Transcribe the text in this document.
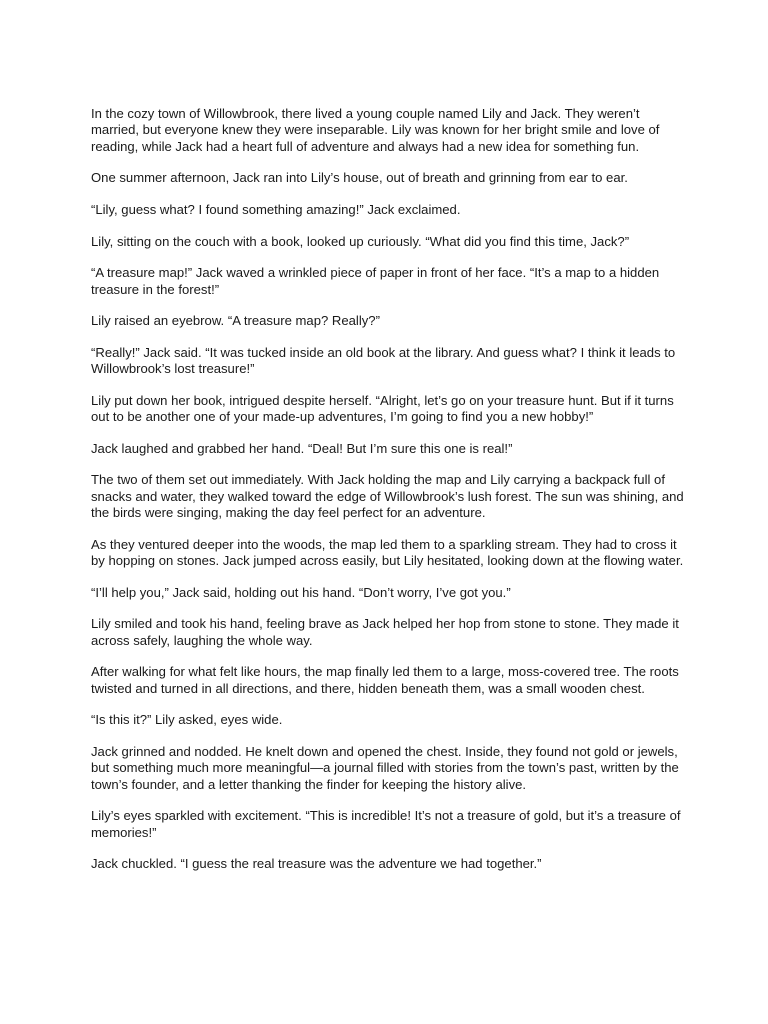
In the cozy town of Willowbrook, there lived a young couple named Lily and Jack. They weren’t married, but everyone knew they were inseparable. Lily was known for her bright smile and love of reading, while Jack had a heart full of adventure and always had a new idea for something fun.

One summer afternoon, Jack ran into Lily’s house, out of breath and grinning from ear to ear.

“Lily, guess what? I found something amazing!” Jack exclaimed.

Lily, sitting on the couch with a book, looked up curiously. “What did you find this time, Jack?”

“A treasure map!” Jack waved a wrinkled piece of paper in front of her face. “It’s a map to a hidden treasure in the forest!”

Lily raised an eyebrow. “A treasure map? Really?”

“Really!” Jack said. “It was tucked inside an old book at the library. And guess what? I think it leads to Willowbrook’s lost treasure!”

Lily put down her book, intrigued despite herself. “Alright, let’s go on your treasure hunt. But if it turns out to be another one of your made-up adventures, I’m going to find you a new hobby!”

Jack laughed and grabbed her hand. “Deal! But I’m sure this one is real!”

The two of them set out immediately. With Jack holding the map and Lily carrying a backpack full of snacks and water, they walked toward the edge of Willowbrook’s lush forest. The sun was shining, and the birds were singing, making the day feel perfect for an adventure.

As they ventured deeper into the woods, the map led them to a sparkling stream. They had to cross it by hopping on stones. Jack jumped across easily, but Lily hesitated, looking down at the flowing water.

“I’ll help you,” Jack said, holding out his hand. “Don’t worry, I’ve got you.”

Lily smiled and took his hand, feeling brave as Jack helped her hop from stone to stone. They made it across safely, laughing the whole way.

After walking for what felt like hours, the map finally led them to a large, moss-covered tree. The roots twisted and turned in all directions, and there, hidden beneath them, was a small wooden chest.

“Is this it?” Lily asked, eyes wide.

Jack grinned and nodded. He knelt down and opened the chest. Inside, they found not gold or jewels, but something much more meaningful—a journal filled with stories from the town’s past, written by the town’s founder, and a letter thanking the finder for keeping the history alive.

Lily’s eyes sparkled with excitement. “This is incredible! It’s not a treasure of gold, but it’s a treasure of memories!”

Jack chuckled. “I guess the real treasure was the adventure we had together.”
